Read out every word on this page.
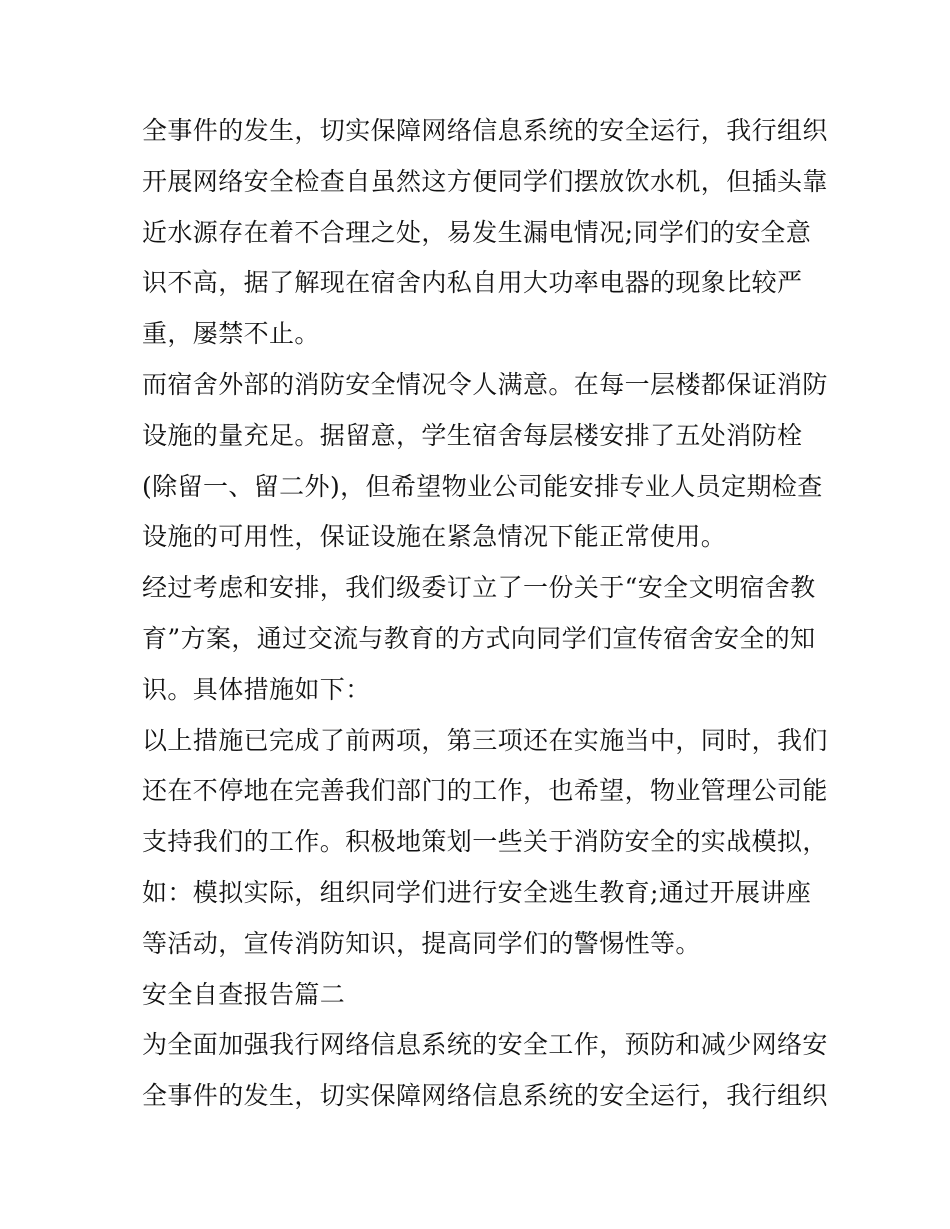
全事件的发生，切实保障网络信息系统的安全运行，我行组织
开展网络安全检查自虽然这方便同学们摆放饮水机，但插头靠
近水源存在着不合理之处，易发生漏电情况;同学们的安全意
识不高，据了解现在宿舍内私自用大功率电器的现象比较严
重，屡禁不止。
而宿舍外部的消防安全情况令人满意。在每一层楼都保证消防
设施的量充足。据留意，学生宿舍每层楼安排了五处消防栓
(除留一、留二外)，但希望物业公司能安排专业人员定期检查
设施的可用性，保证设施在紧急情况下能正常使用。
经过考虑和安排，我们级委订立了一份关于“安全文明宿舍教
育”方案，通过交流与教育的方式向同学们宣传宿舍安全的知
识。具体措施如下：
以上措施已完成了前两项，第三项还在实施当中，同时，我们
还在不停地在完善我们部门的工作，也希望，物业管理公司能
支持我们的工作。积极地策划一些关于消防安全的实战模拟，
如：模拟实际，组织同学们进行安全逃生教育;通过开展讲座
等活动，宣传消防知识，提高同学们的警惕性等。
安全自查报告篇二
为全面加强我行网络信息系统的安全工作，预防和减少网络安
全事件的发生，切实保障网络信息系统的安全运行，我行组织
